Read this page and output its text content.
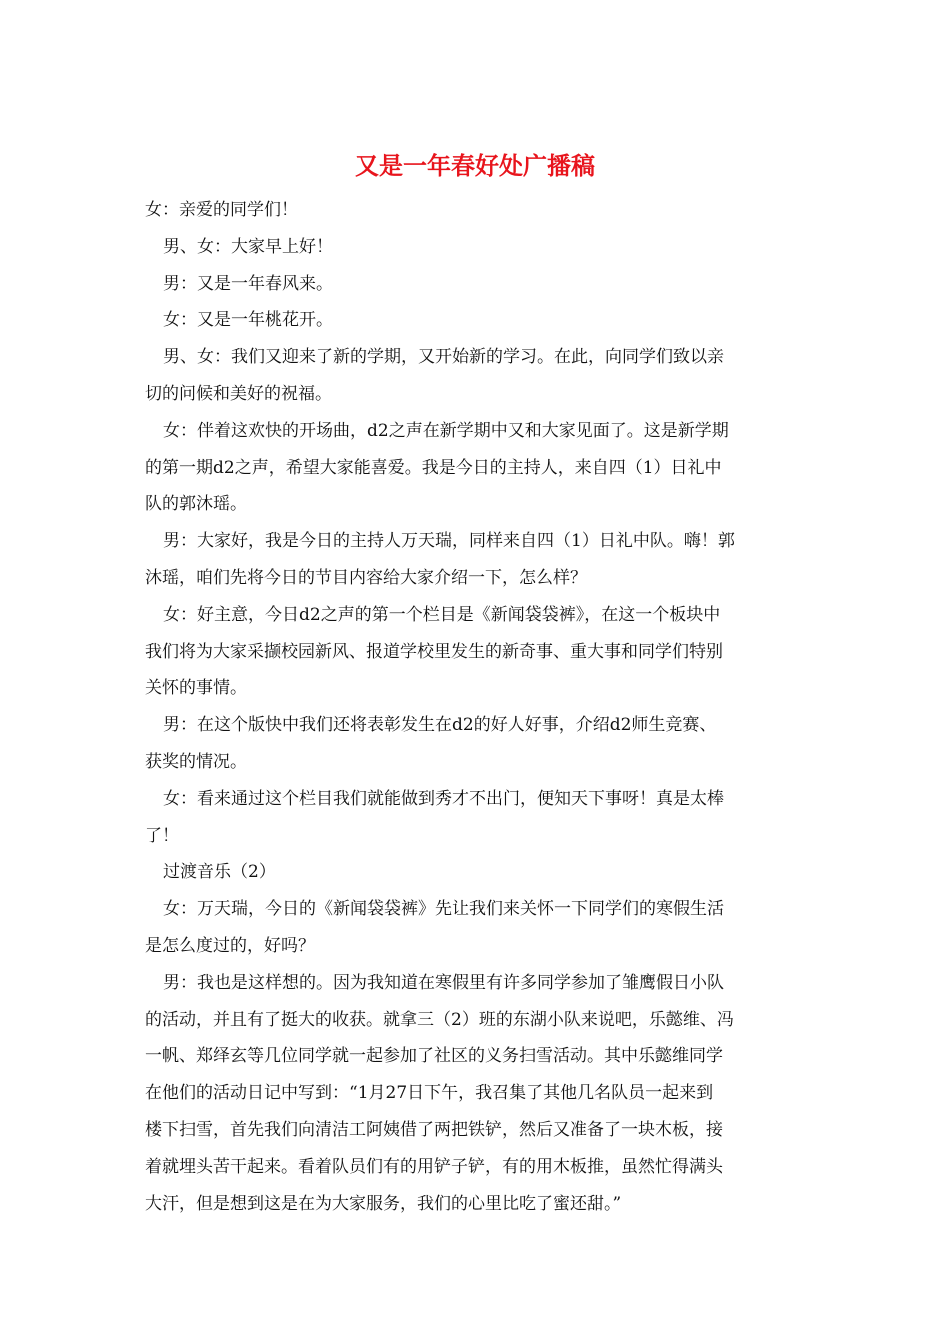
又是一年春好处广播稿

女：亲爱的同学们！

男、女：大家早上好！

男：又是一年春风来。

女：又是一年桃花开。

男、女：我们又迎来了新的学期，又开始新的学习。在此，向同学们致以亲
切的问候和美好的祝福。

女：伴着这欢快的开场曲，d2之声在新学期中又和大家见面了。这是新学期
的第一期d2之声，希望大家能喜爱。我是今日的主持人，来自四（1）日礼中
队的郭沐瑶。

男：大家好，我是今日的主持人万天瑞，同样来自四（1）日礼中队。嗨！郭
沐瑶，咱们先将今日的节目内容给大家介绍一下，怎么样？

女：好主意，今日d2之声的第一个栏目是《新闻袋袋裤》，在这一个板块中
我们将为大家采撷校园新风、报道学校里发生的新奇事、重大事和同学们特别
关怀的事情。

男：在这个版快中我们还将表彰发生在d2的好人好事，介绍d2师生竞赛、
获奖的情况。

女：看来通过这个栏目我们就能做到秀才不出门，便知天下事呀！真是太棒
了！

过渡音乐（2）

女：万天瑞，今日的《新闻袋袋裤》先让我们来关怀一下同学们的寒假生活
是怎么度过的，好吗？

男：我也是这样想的。因为我知道在寒假里有许多同学参加了雏鹰假日小队
的活动，并且有了挺大的收获。就拿三（2）班的东湖小队来说吧，乐懿维、冯
一帆、郑绎玄等几位同学就一起参加了社区的义务扫雪活动。其中乐懿维同学
在他们的活动日记中写到：“1月27日下午，我召集了其他几名队员一起来到
楼下扫雪，首先我们向清洁工阿姨借了两把铁铲，然后又准备了一块木板，接
着就埋头苦干起来。看着队员们有的用铲子铲，有的用木板推，虽然忙得满头
大汗，但是想到这是在为大家服务，我们的心里比吃了蜜还甜。”
